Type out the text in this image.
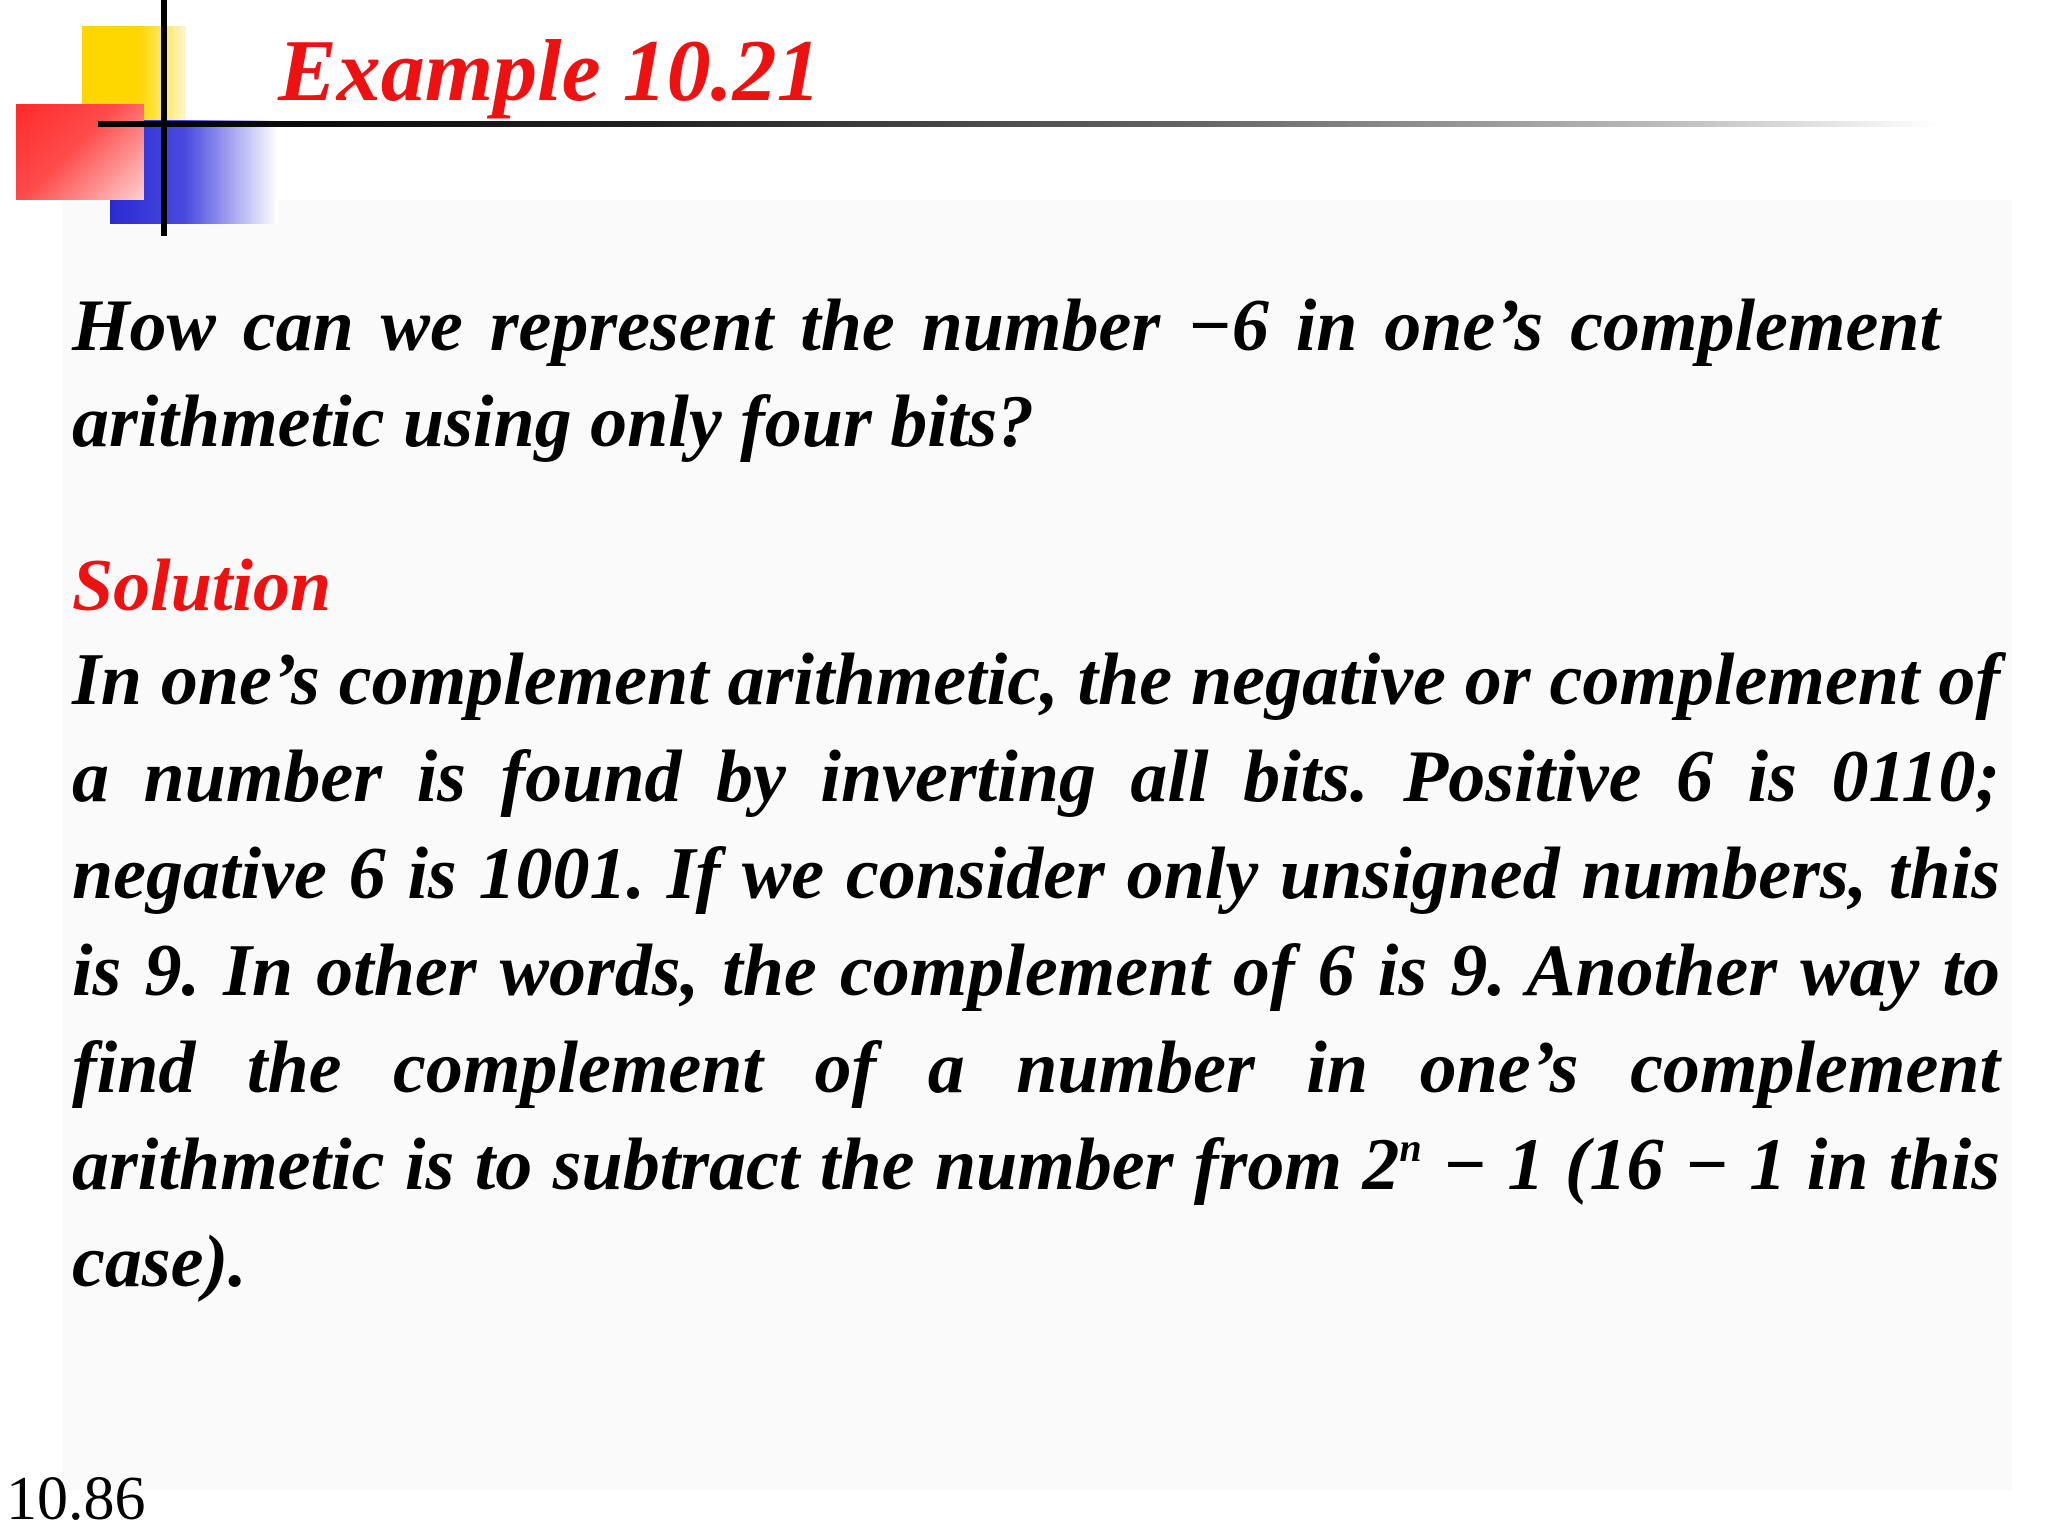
Example 10.21

How can we represent the number −6 in one’s complement arithmetic using only four bits?

Solution

In one’s complement arithmetic, the negative or complement of a number is found by inverting all bits. Positive 6 is 0110; negative 6 is 1001. If we consider only unsigned numbers, this is 9. In other words, the complement of 6 is 9. Another way to find the complement of a number in one’s complement arithmetic is to subtract the number from $2^n - 1$ (16 − 1 in this case).

10.86
